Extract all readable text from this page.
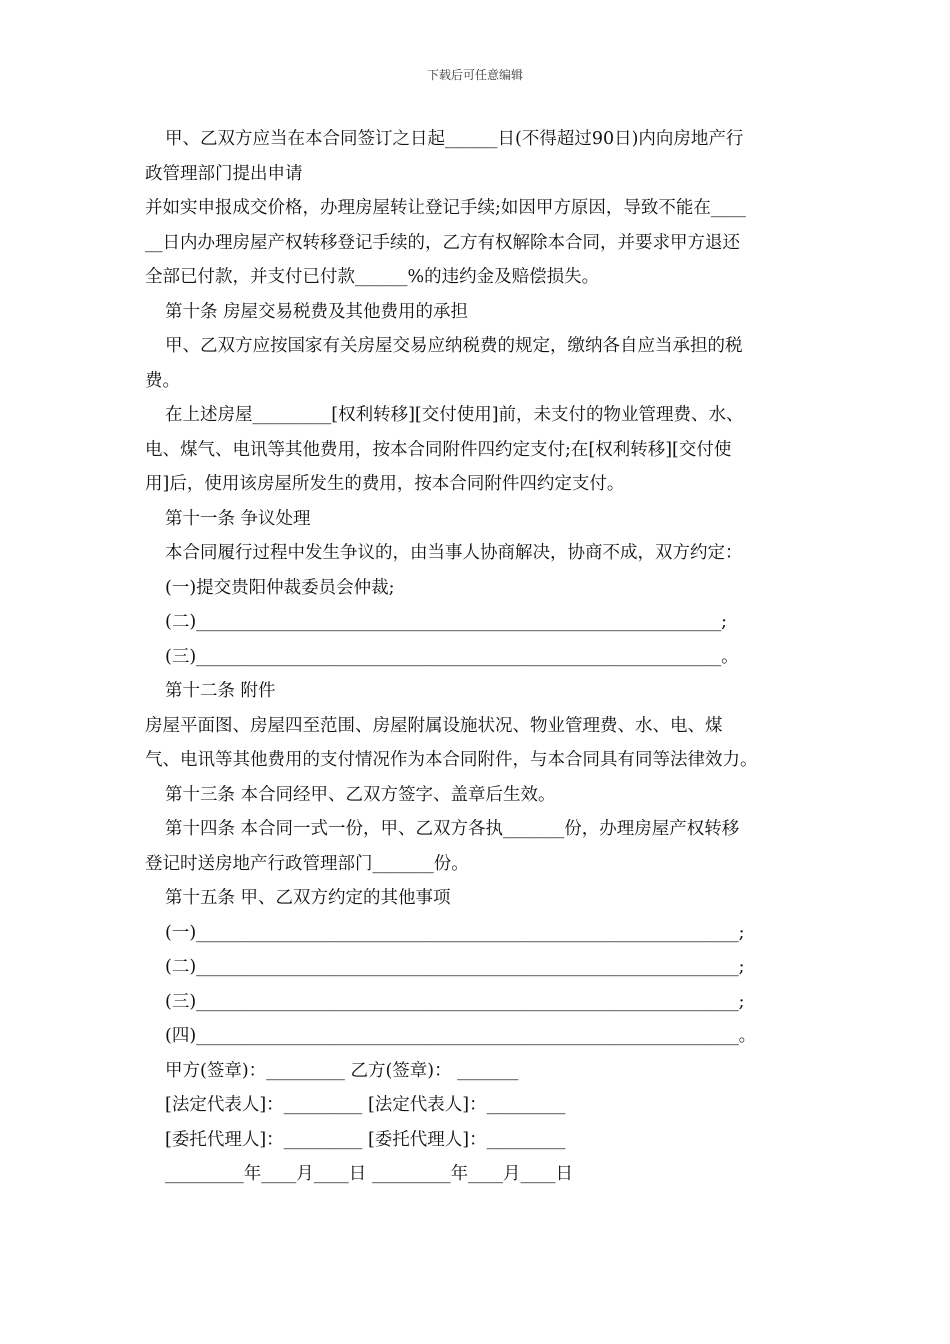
下载后可任意编辑
甲、乙双方应当在本合同签订之日起______日(不得超过90日)内向房地产行
政管理部门提出申请
并如实申报成交价格，办理房屋转让登记手续;如因甲方原因，导致不能在____
__日内办理房屋产权转移登记手续的，乙方有权解除本合同，并要求甲方退还
全部已付款，并支付已付款______%的违约金及赔偿损失。
第十条 房屋交易税费及其他费用的承担
甲、乙双方应按国家有关房屋交易应纳税费的规定，缴纳各自应当承担的税
费。
在上述房屋_________[权利转移][交付使用]前，未支付的物业管理费、水、
电、煤气、电讯等其他费用，按本合同附件四约定支付;在[权利转移][交付使
用]后，使用该房屋所发生的费用，按本合同附件四约定支付。
第十一条 争议处理
本合同履行过程中发生争议的，由当事人协商解决，协商不成，双方约定：
(一)提交贵阳仲裁委员会仲裁;
(二)____________________________________________________________;
(三)____________________________________________________________。
第十二条 附件
房屋平面图、房屋四至范围、房屋附属设施状况、物业管理费、水、电、煤
气、电讯等其他费用的支付情况作为本合同附件，与本合同具有同等法律效力。
第十三条 本合同经甲、乙双方签字、盖章后生效。
第十四条 本合同一式一份，甲、乙双方各执_______份，办理房屋产权转移
登记时送房地产行政管理部门_______份。
第十五条 甲、乙双方约定的其他事项
(一)______________________________________________________________;
(二)______________________________________________________________;
(三)______________________________________________________________;
(四)______________________________________________________________。
甲方(签章)：_________ 乙方(签章)： _______
[法定代表人]：_________ [法定代表人]：_________
[委托代理人]：_________ [委托代理人]：_________
_________年____月____日 _________年____月____日
